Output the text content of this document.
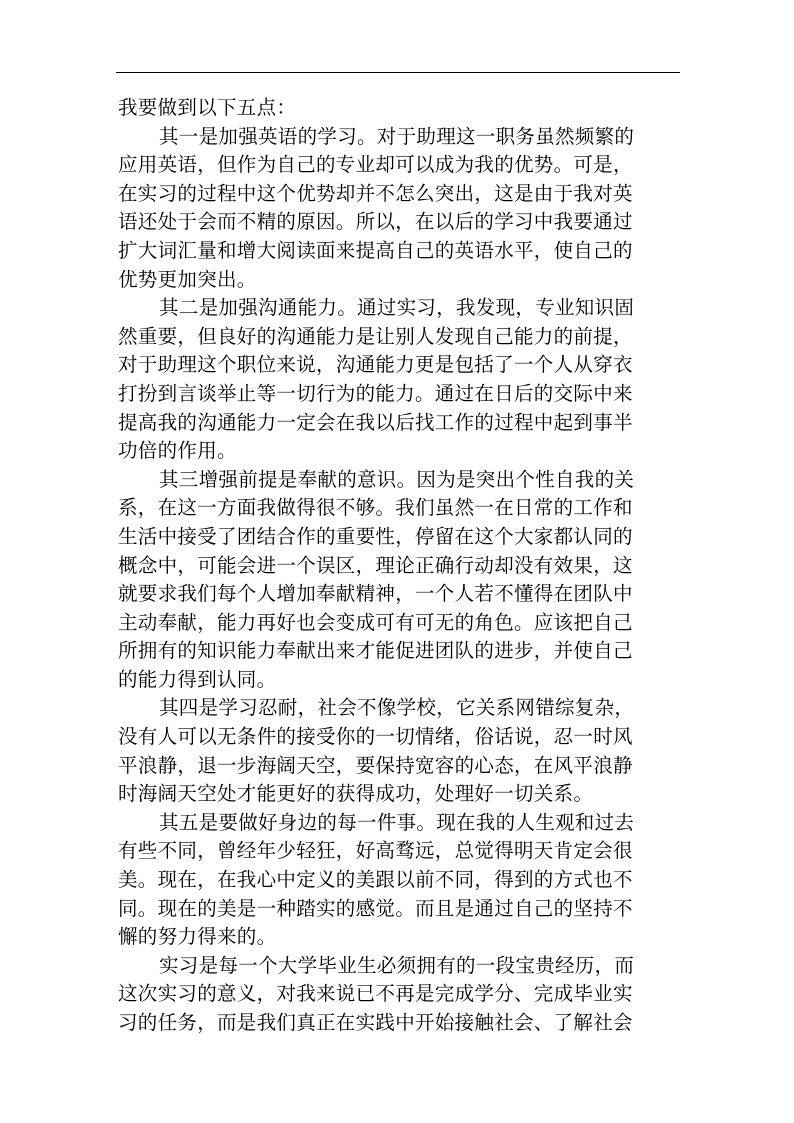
我要做到以下五点：
其一是加强英语的学习。对于助理这一职务虽然频繁的
应用英语，但作为自己的专业却可以成为我的优势。可是，
在实习的过程中这个优势却并不怎么突出，这是由于我对英
语还处于会而不精的原因。所以，在以后的学习中我要通过
扩大词汇量和增大阅读面来提高自己的英语水平，使自己的
优势更加突出。
其二是加强沟通能力。通过实习，我发现，专业知识固
然重要，但良好的沟通能力是让别人发现自己能力的前提，
对于助理这个职位来说，沟通能力更是包括了一个人从穿衣
打扮到言谈举止等一切行为的能力。通过在日后的交际中来
提高我的沟通能力一定会在我以后找工作的过程中起到事半
功倍的作用。
其三增强前提是奉献的意识。因为是突出个性自我的关
系，在这一方面我做得很不够。我们虽然一在日常的工作和
生活中接受了团结合作的重要性，停留在这个大家都认同的
概念中，可能会进一个误区，理论正确行动却没有效果，这
就要求我们每个人增加奉献精神，一个人若不懂得在团队中
主动奉献，能力再好也会变成可有可无的角色。应该把自己
所拥有的知识能力奉献出来才能促进团队的进步，并使自己
的能力得到认同。
其四是学习忍耐，社会不像学校，它关系网错综复杂，
没有人可以无条件的接受你的一切情绪，俗话说，忍一时风
平浪静，退一步海阔天空，要保持宽容的心态，在风平浪静
时海阔天空处才能更好的获得成功，处理好一切关系。
其五是要做好身边的每一件事。现在我的人生观和过去
有些不同，曾经年少轻狂，好高骛远，总觉得明天肯定会很
美。现在，在我心中定义的美跟以前不同，得到的方式也不
同。现在的美是一种踏实的感觉。而且是通过自己的坚持不
懈的努力得来的。
实习是每一个大学毕业生必须拥有的一段宝贵经历，而
这次实习的意义，对我来说已不再是完成学分、完成毕业实
习的任务，而是我们真正在实践中开始接触社会、了解社会
